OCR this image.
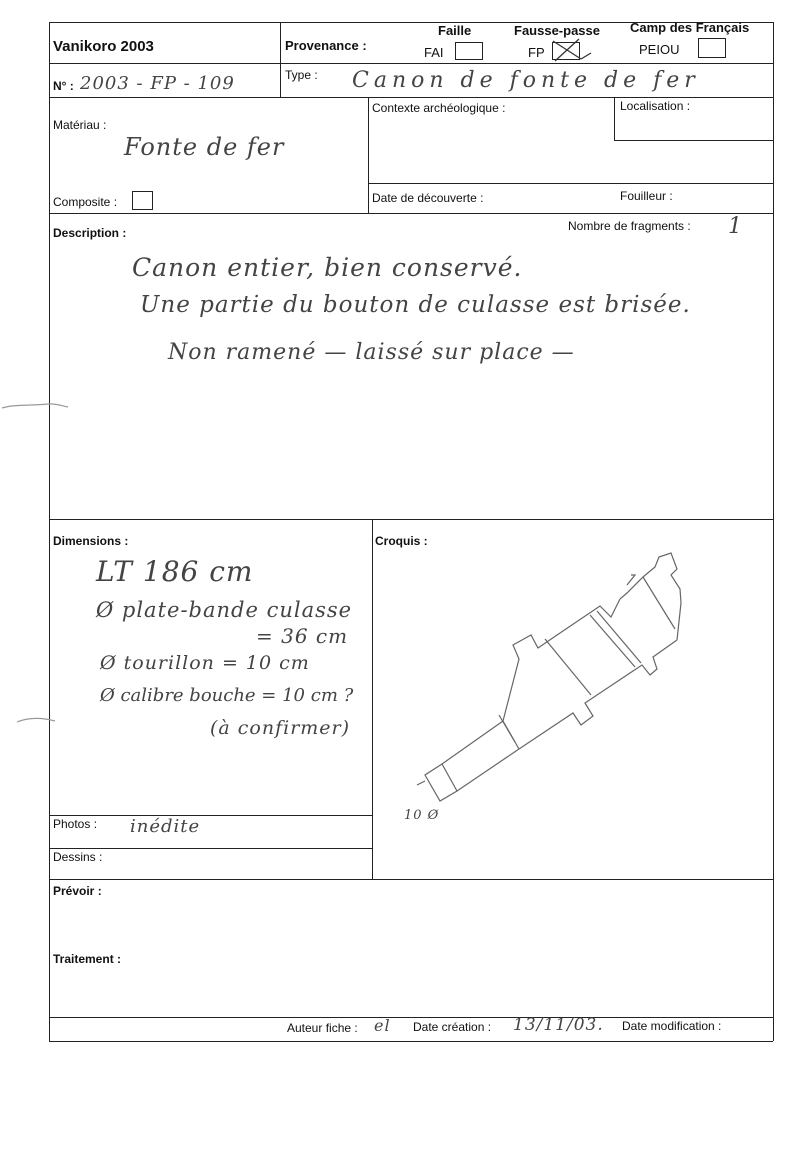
Vanikoro 2003	Provenance :
Faille
FAI
Fausse-passe
FP
Camp des Français
PEIOU
N° : 2003 - FP - 109	Type : Canon de fonte de fer
Matériau :
Fonte de fer
Composite :
Contexte archéologique :	Localisation :
Date de découverte :	Fouilleur :
Description :	Nombre de fragments : 1
Canon entier, bien conservé.
Une partie du bouton de culasse est brisée.
Non ramené — laissé sur place —
Dimensions :
LT 186 cm
Ø plate-bande culasse
= 36 cm
Ø tourillon = 10 cm
Ø calibre bouche = 10 cm ?
(à confirmer)
Croquis :
10 Ø
Photos : inédite
Dessins :
Prévoir :
Traitement :
Auteur fiche : el Date création : 13/11/03. Date modification :
